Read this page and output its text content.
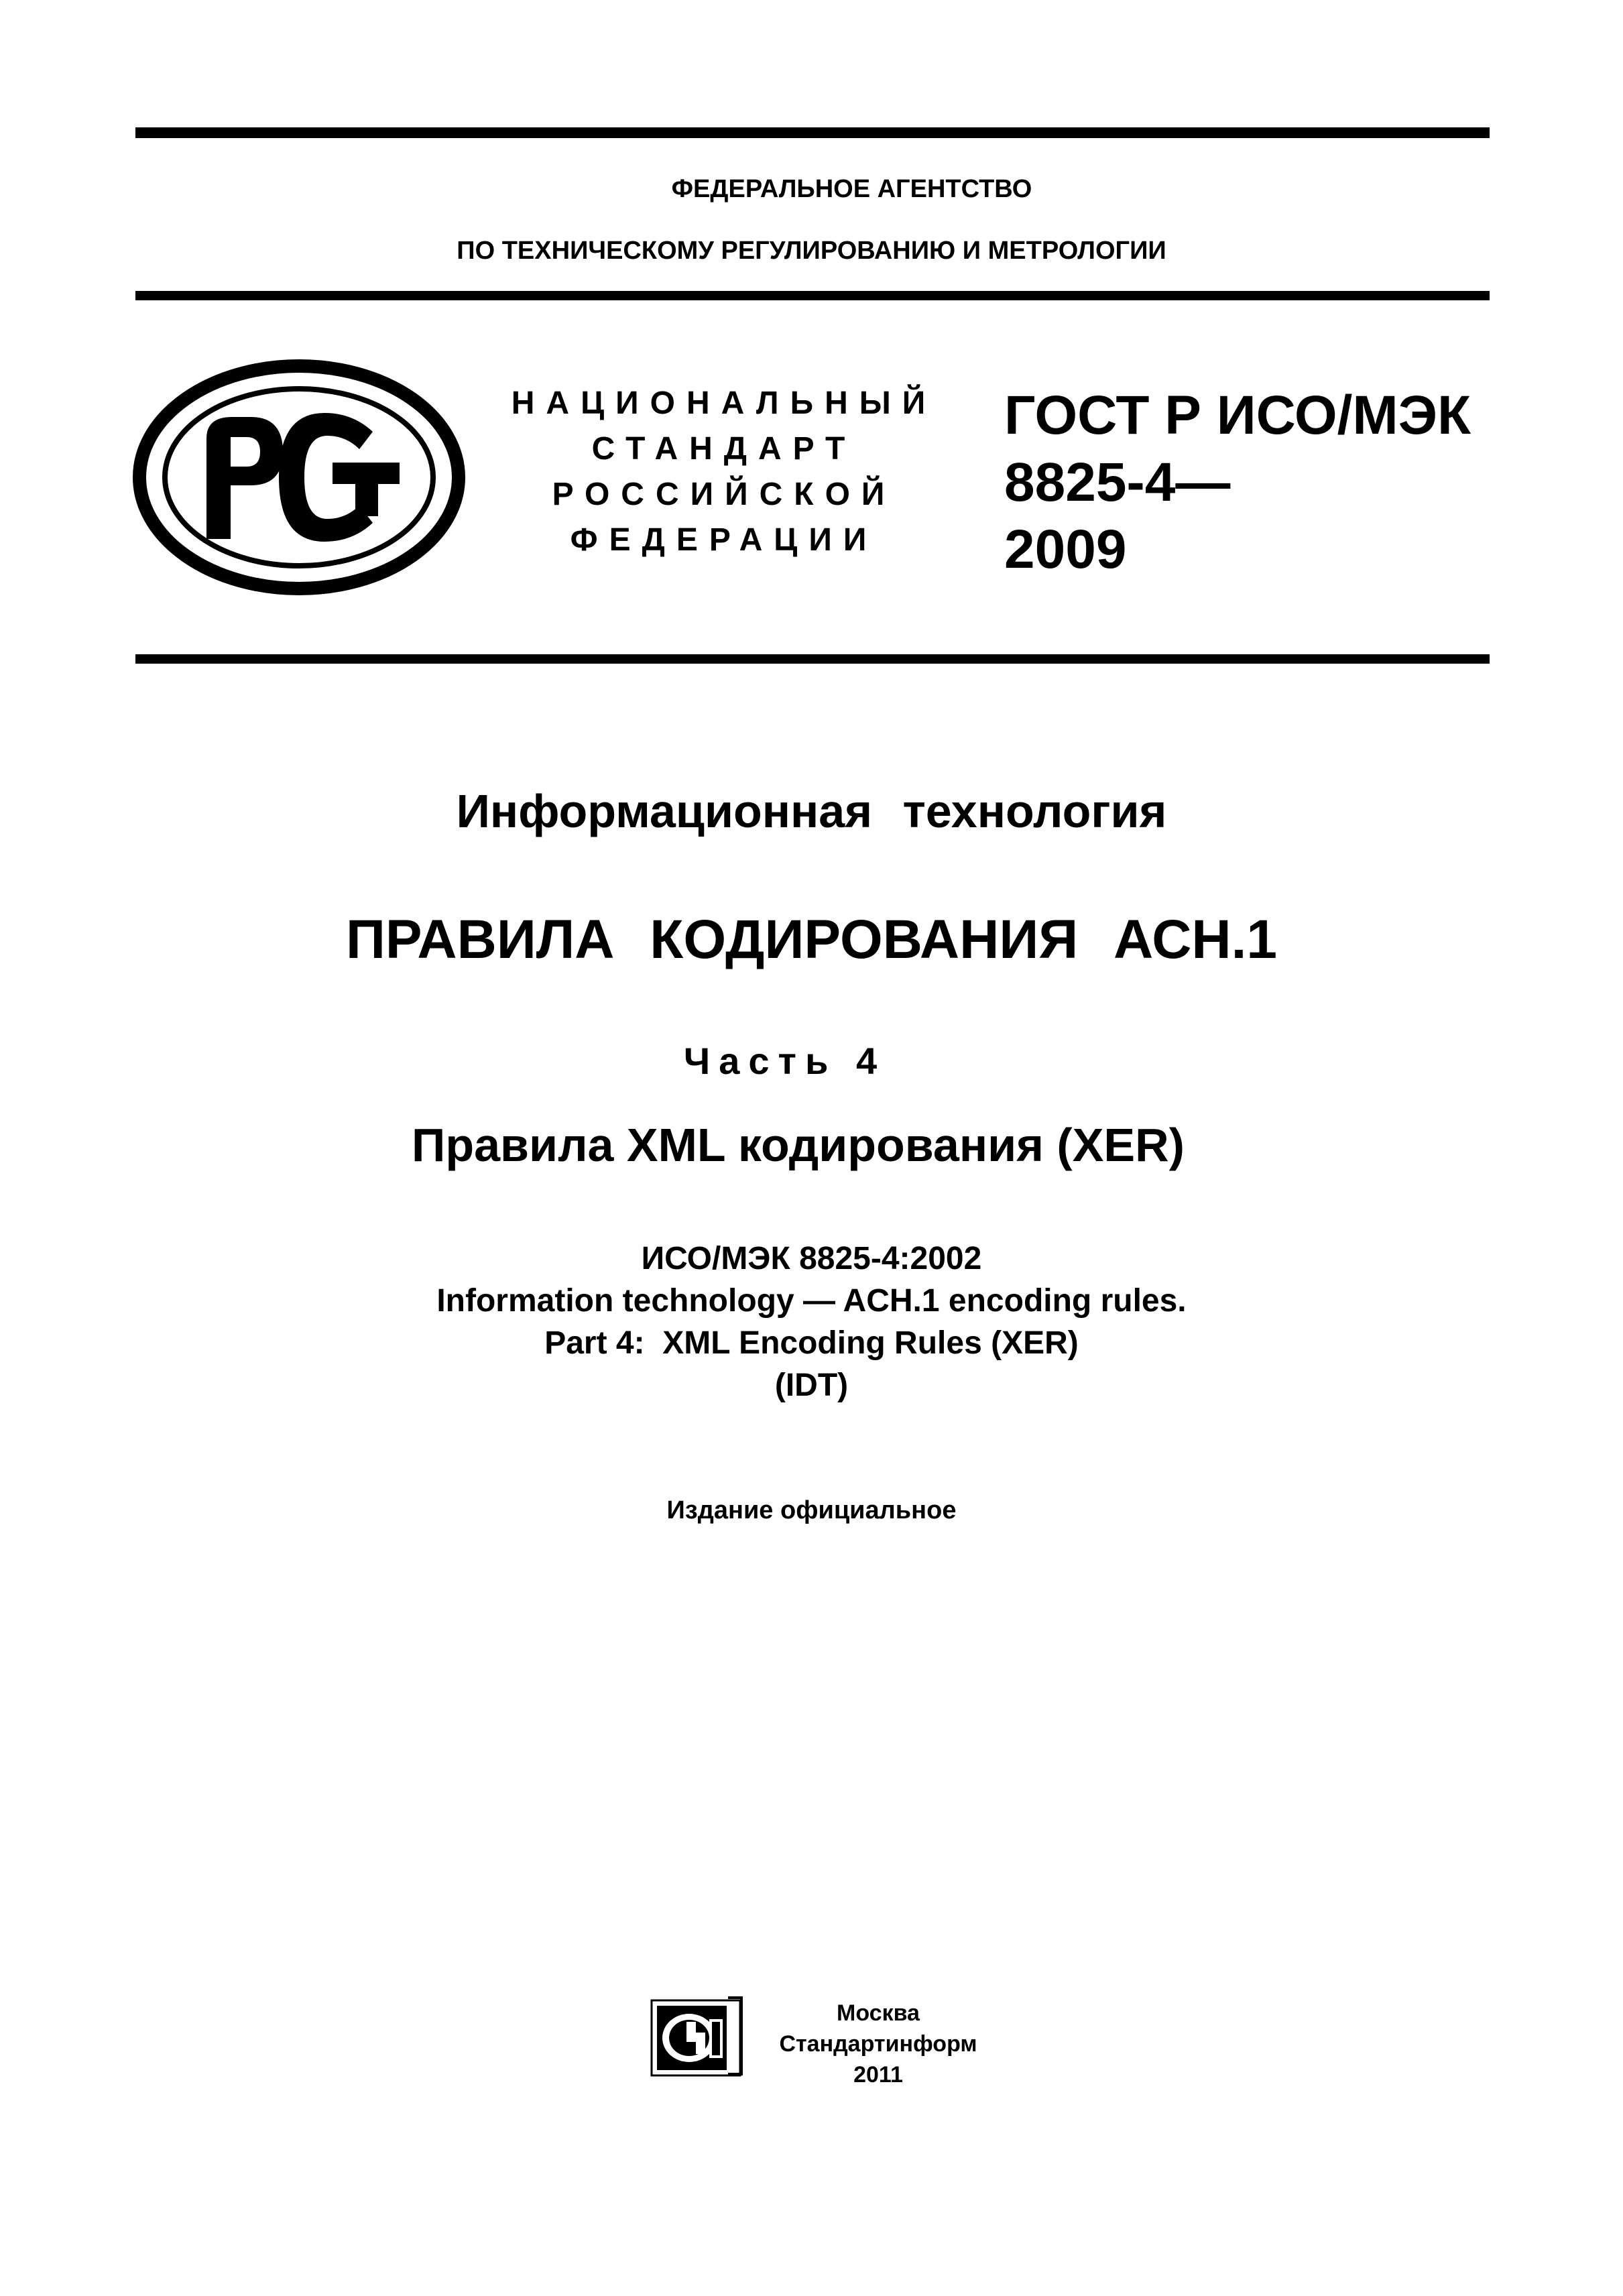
ФЕДЕРАЛЬНОЕ АГЕНТСТВО
ПО ТЕХНИЧЕСКОМУ РЕГУЛИРОВАНИЮ И МЕТРОЛОГИИ
НАЦИОНАЛЬНЫЙ
СТАНДАРТ
РОССИЙСКОЙ
ФЕДЕРАЦИИ
ГОСТ Р ИСО/МЭК
8825-4—
2009
Информационная технология
ПРАВИЛА КОДИРОВАНИЯ АСН.1
Часть 4
Правила XML кодирования (XER)
ИСО/МЭК 8825-4:2002
Information technology — ACH.1 encoding rules.
Part 4:  XML Encoding Rules (XER)
(IDT)
Издание официальное
Москва
Стандартинформ
2011
